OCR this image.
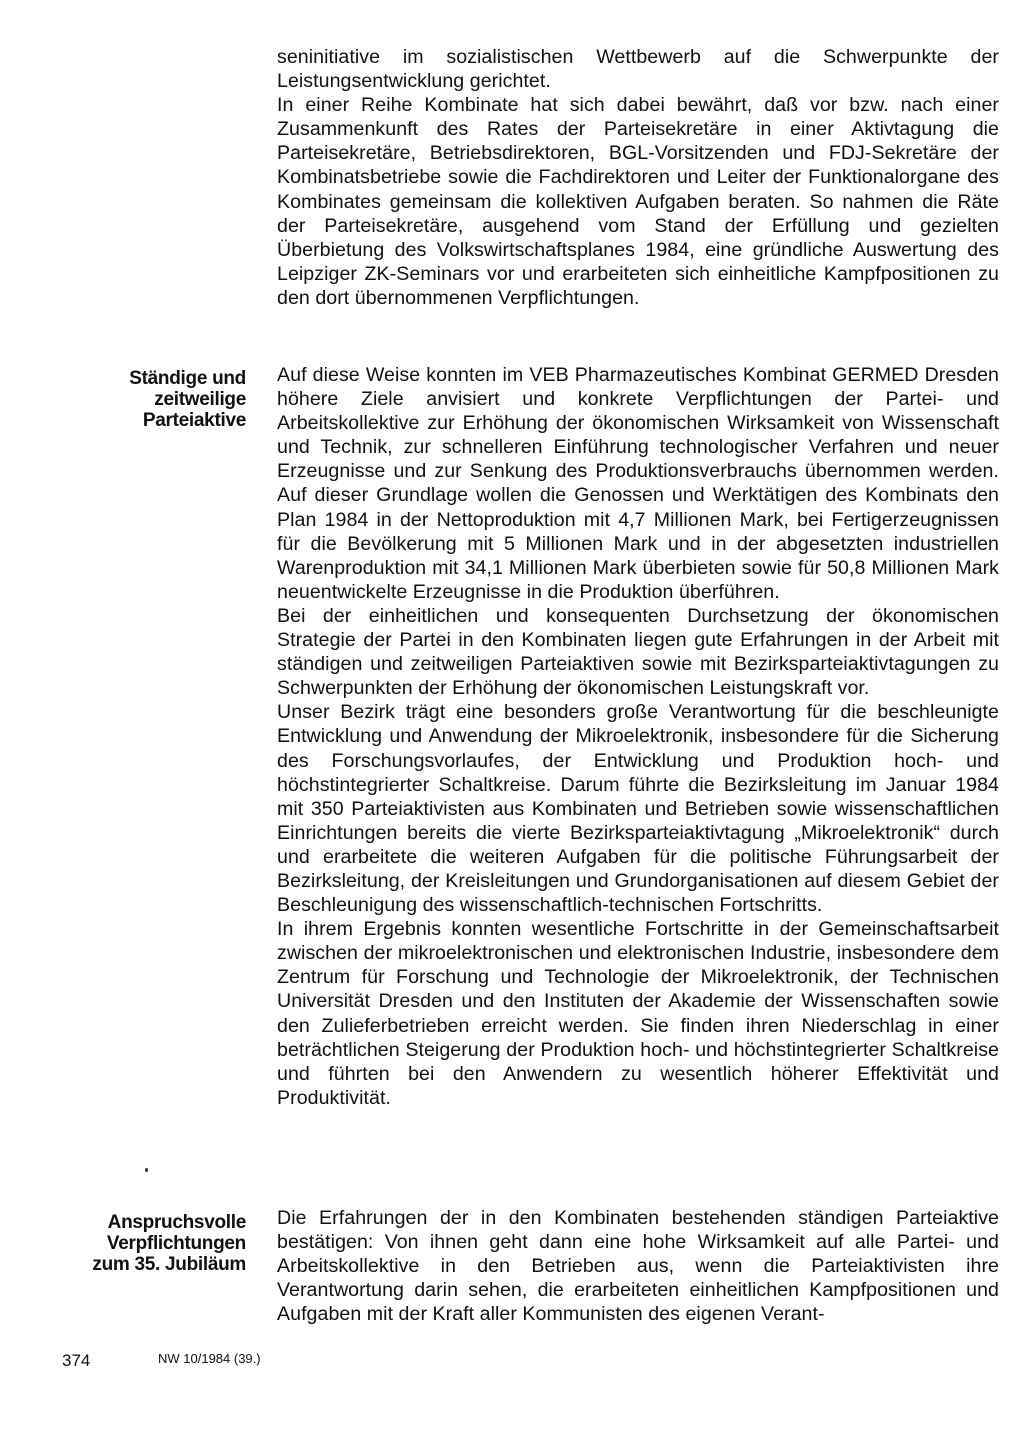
seninitiative im sozialistischen Wettbewerb auf die Schwerpunkte der Leistungsentwicklung gerichtet.

In einer Reihe Kombinate hat sich dabei bewährt, daß vor bzw. nach einer Zusammenkunft des Rates der Parteisekretäre in einer Aktivtagung die Parteisekretäre, Betriebsdirektoren, BGL-Vorsitzenden und FDJ-Sekretäre der Kombinatsbetriebe sowie die Fachdirektoren und Leiter der Funktionalorgane des Kombinates gemeinsam die kollektiven Aufgaben beraten. So nahmen die Räte der Parteisekretäre, ausgehend vom Stand der Erfüllung und gezielten Überbietung des Volkswirtschaftsplanes 1984, eine gründliche Auswertung des Leipziger ZK-Seminars vor und erarbeiteten sich einheitliche Kampfpositionen zu den dort übernommenen Verpflichtungen.

Ständige und
zeitweilige
Parteiaktive

Auf diese Weise konnten im VEB Pharmazeutisches Kombinat GERMED Dresden höhere Ziele anvisiert und konkrete Verpflichtungen der Partei- und Arbeitskollektive zur Erhöhung der ökonomischen Wirksamkeit von Wissenschaft und Technik, zur schnelleren Einführung technologischer Verfahren und neuer Erzeugnisse und zur Senkung des Produktionsverbrauchs übernommen werden. Auf dieser Grundlage wollen die Genossen und Werktätigen des Kombinats den Plan 1984 in der Nettoproduktion mit 4,7 Millionen Mark, bei Fertigerzeugnissen für die Bevölkerung mit 5 Millionen Mark und in der abgesetzten industriellen Warenproduktion mit 34,1 Millionen Mark überbieten sowie für 50,8 Millionen Mark neuentwickelte Erzeugnisse in die Produktion überführen.

Bei der einheitlichen und konsequenten Durchsetzung der ökonomischen Strategie der Partei in den Kombinaten liegen gute Erfahrungen in der Arbeit mit ständigen und zeitweiligen Parteiaktiven sowie mit Bezirksparteiaktivtagungen zu Schwerpunkten der Erhöhung der ökonomischen Leistungskraft vor.

Unser Bezirk trägt eine besonders große Verantwortung für die beschleunigte Entwicklung und Anwendung der Mikroelektronik, insbesondere für die Sicherung des Forschungsvorlaufes, der Entwicklung und Produktion hoch- und höchstintegrierter Schaltkreise. Darum führte die Bezirksleitung im Januar 1984 mit 350 Parteiaktivisten aus Kombinaten und Betrieben sowie wissenschaftlichen Einrichtungen bereits die vierte Bezirksparteiaktivtagung „Mikroelektronik“ durch und erarbeitete die weiteren Aufgaben für die politische Führungsarbeit der Bezirksleitung, der Kreisleitungen und Grundorganisationen auf diesem Gebiet der Beschleunigung des wissenschaftlich-technischen Fortschritts.

In ihrem Ergebnis konnten wesentliche Fortschritte in der Gemeinschaftsarbeit zwischen der mikroelektronischen und elektronischen Industrie, insbesondere dem Zentrum für Forschung und Technologie der Mikroelektronik, der Technischen Universität Dresden und den Instituten der Akademie der Wissenschaften sowie den Zulieferbetrieben erreicht werden. Sie finden ihren Niederschlag in einer beträchtlichen Steigerung der Produktion hoch- und höchstintegrierter Schaltkreise und führten bei den Anwendern zu wesentlich höherer Effektivität und Produktivität.

Anspruchsvolle
Verpflichtungen
zum 35. Jubiläum

Die Erfahrungen der in den Kombinaten bestehenden ständigen Parteiaktive bestätigen: Von ihnen geht dann eine hohe Wirksamkeit auf alle Partei- und Arbeitskollektive in den Betrieben aus, wenn die Parteiaktivisten ihre Verantwortung darin sehen, die erarbeiteten einheitlichen Kampfpositionen und Aufgaben mit der Kraft aller Kommunisten des eigenen Verant-

374	NW 10/1984 (39.)
